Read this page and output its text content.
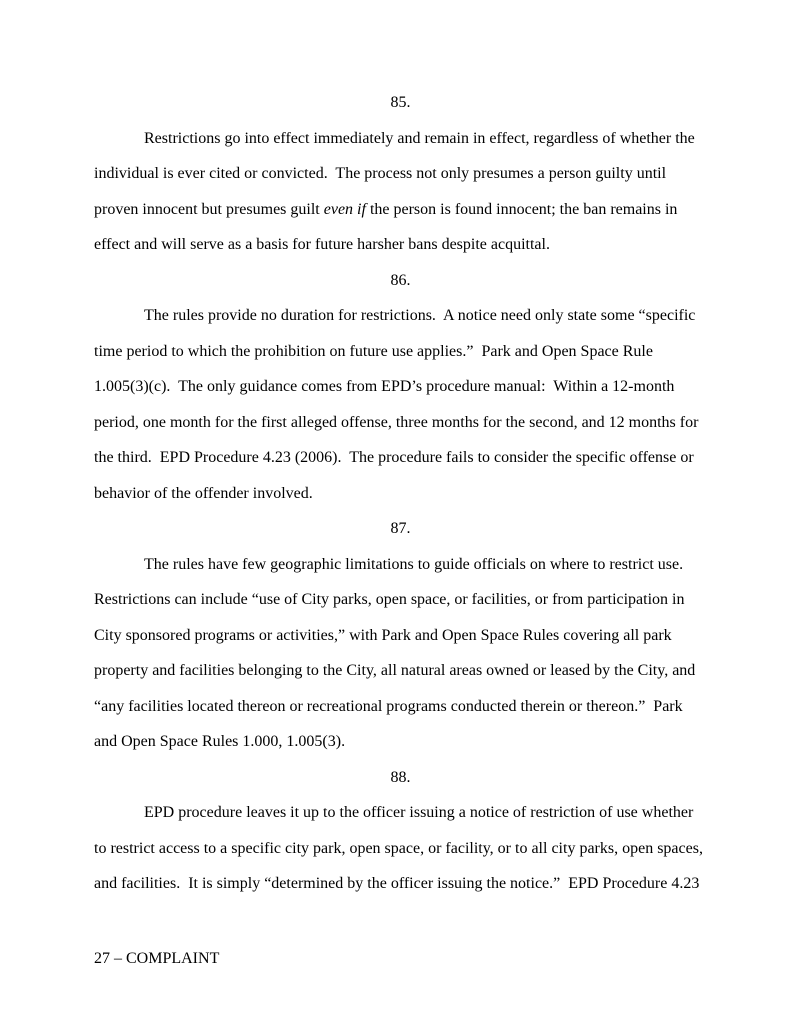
85.

Restrictions go into effect immediately and remain in effect, regardless of whether the individual is ever cited or convicted.  The process not only presumes a person guilty until proven innocent but presumes guilt even if the person is found innocent; the ban remains in effect and will serve as a basis for future harsher bans despite acquittal.

86.

The rules provide no duration for restrictions.  A notice need only state some “specific time period to which the prohibition on future use applies.”  Park and Open Space Rule 1.005(3)(c).  The only guidance comes from EPD’s procedure manual:  Within a 12-month period, one month for the first alleged offense, three months for the second, and 12 months for the third.  EPD Procedure 4.23 (2006).  The procedure fails to consider the specific offense or behavior of the offender involved.

87.

The rules have few geographic limitations to guide officials on where to restrict use.  Restrictions can include “use of City parks, open space, or facilities, or from participation in City sponsored programs or activities,” with Park and Open Space Rules covering all park property and facilities belonging to the City, all natural areas owned or leased by the City, and “any facilities located thereon or recreational programs conducted therein or thereon.”  Park and Open Space Rules 1.000, 1.005(3).

88.

EPD procedure leaves it up to the officer issuing a notice of restriction of use whether to restrict access to a specific city park, open space, or facility, or to all city parks, open spaces, and facilities.  It is simply “determined by the officer issuing the notice.”  EPD Procedure 4.23

27 – COMPLAINT
